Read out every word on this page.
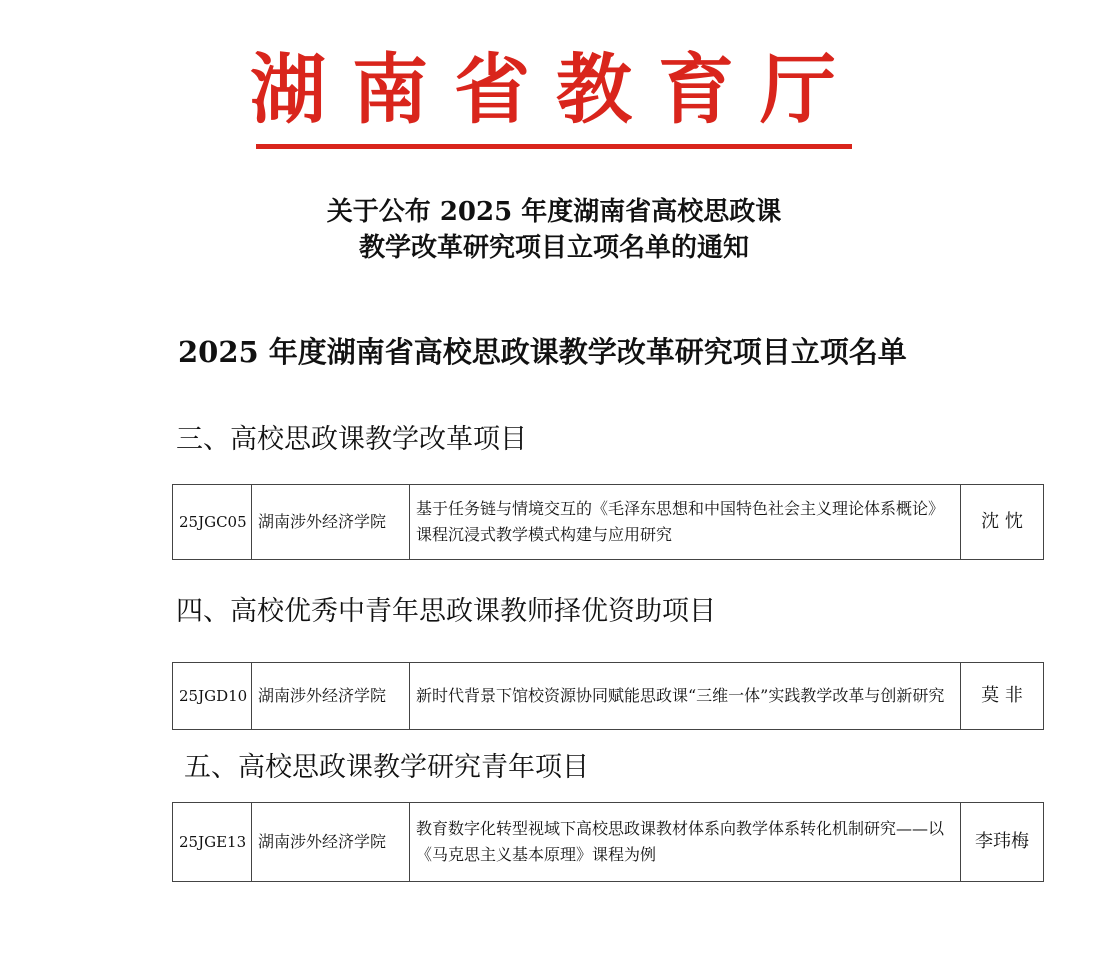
湖南省教育厅
关于公布 2025 年度湖南省高校思政课
教学改革研究项目立项名单的通知
2025 年度湖南省高校思政课教学改革研究项目立项名单
三、高校思政课教学改革项目
25JGC05	湖南涉外经济学院	基于任务链与情境交互的《毛泽东思想和中国特色社会主义理论体系概论》课程沉浸式教学模式构建与应用研究	沈 忱
四、高校优秀中青年思政课教师择优资助项目
25JGD10	湖南涉外经济学院	新时代背景下馆校资源协同赋能思政课“三维一体”实践教学改革与创新研究	莫 非
五、高校思政课教学研究青年项目
25JGE13	湖南涉外经济学院	教育数字化转型视域下高校思政课教材体系向教学体系转化机制研究——以《马克思主义基本原理》课程为例	李玮梅
